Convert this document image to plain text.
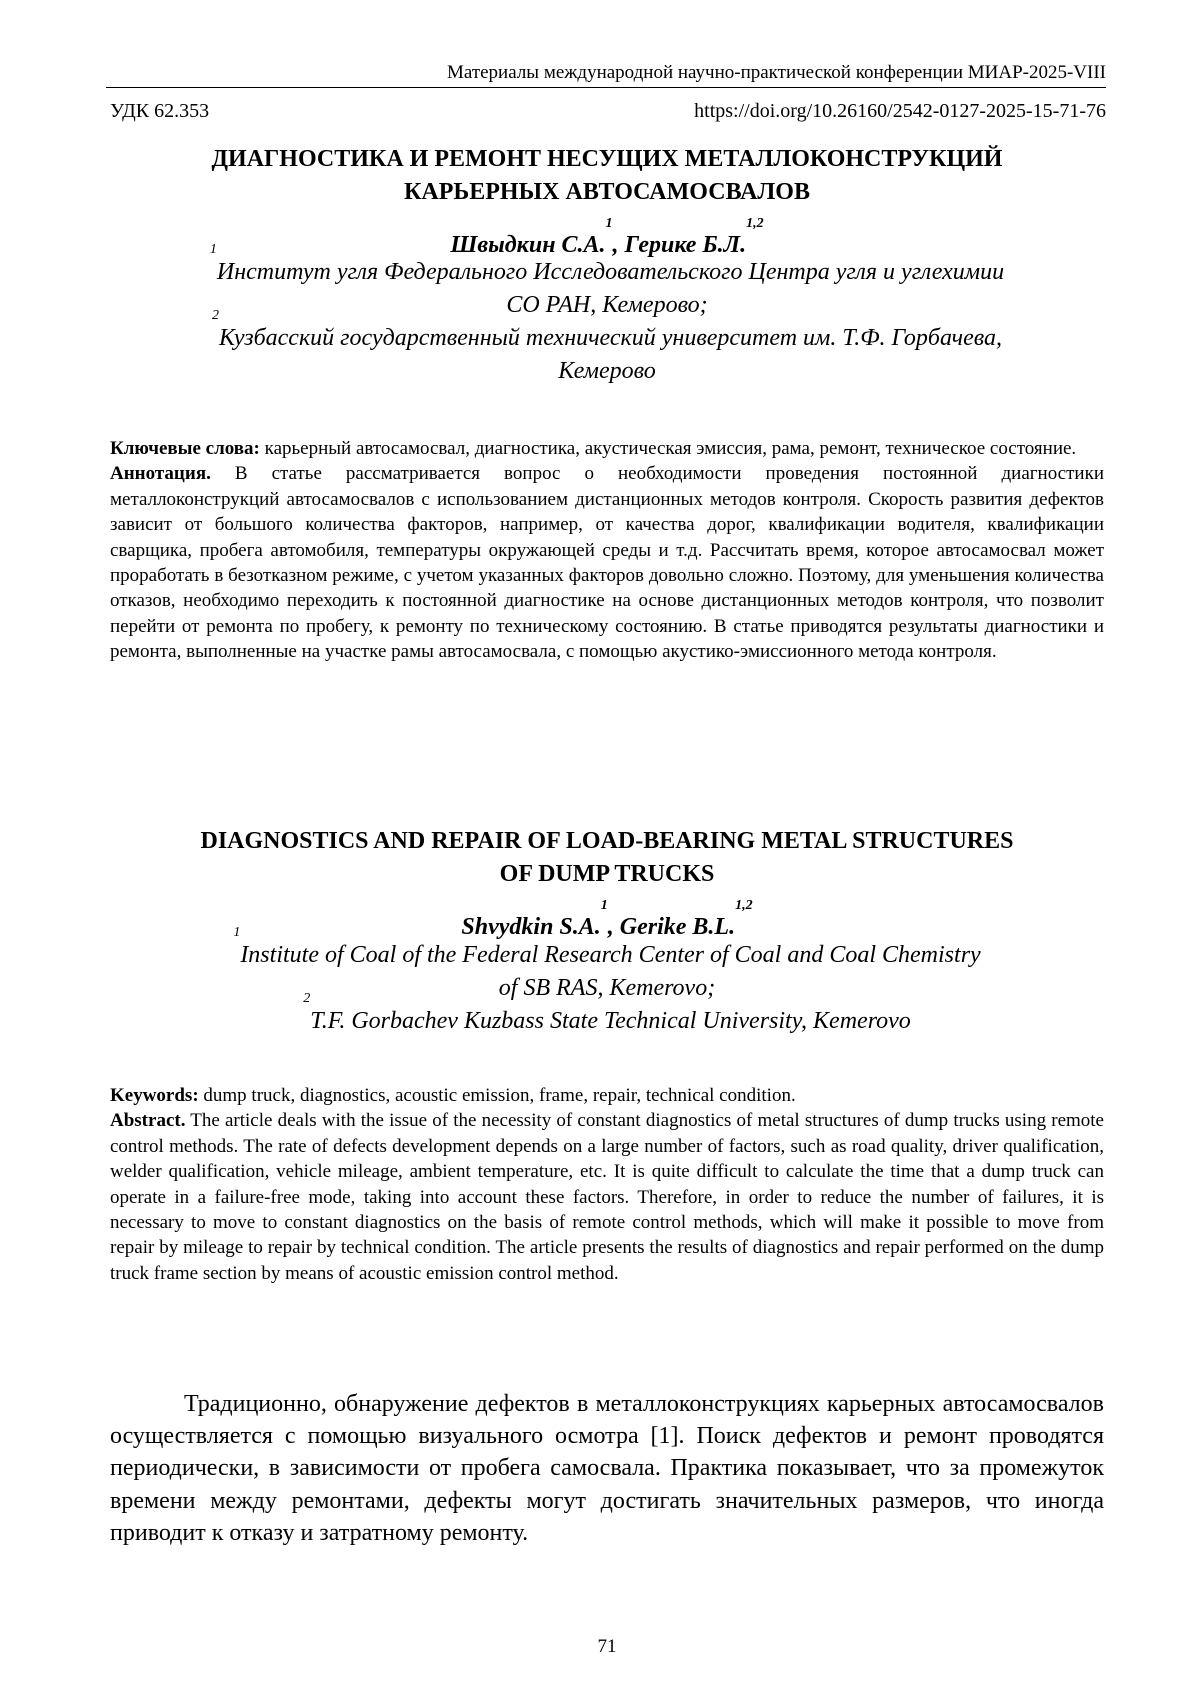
Материалы международной научно-практической конференции МИАР-2025-VIII
УДК 62.353	https://doi.org/10.26160/2542-0127-2025-15-71-76
ДИАГНОСТИКА И РЕМОНТ НЕСУЩИХ МЕТАЛЛОКОНСТРУКЦИЙ
КАРЬЕРНЫХ АВТОСАМОСВАЛОВ
Швыдкин С.А.$^1$, Герике Б.Л.$^{1,2}$
$^1$Институт угля Федерального Исследовательского Центра угля и углехимии
СО РАН, Кемерово;
$^2$Кузбасский государственный технический университет им. Т.Ф. Горбачева,
Кемерово

Ключевые слова: карьерный автосамосвал, диагностика, акустическая эмиссия, рама, ремонт, техническое состояние.

Аннотация. В статье рассматривается вопрос о необходимости проведения постоянной диагностики металлоконструкций автосамосвалов с использованием дистанционных методов контроля. Скорость развития дефектов зависит от большого количества факторов, например, от качества дорог, квалификации водителя, квалификации сварщика, пробега автомобиля, температуры окружающей среды и т.д. Рассчитать время, которое автосамосвал может проработать в безотказном режиме, с учетом указанных факторов довольно сложно. Поэтому, для уменьшения количества отказов, необходимо переходить к постоянной диагностике на основе дистанционных методов контроля, что позволит перейти от ремонта по пробегу, к ремонту по техническому состоянию. В статье приводятся результаты диагностики и ремонта, выполненные на участке рамы автосамосвала, с помощью акустико-эмиссионного метода контроля.

DIAGNOSTICS AND REPAIR OF LOAD-BEARING METAL STRUCTURES
OF DUMP TRUCKS
Shvydkin S.A.$^1$, Gerike B.L.$^{1,2}$
$^1$Institute of Coal of the Federal Research Center of Coal and Coal Chemistry
of SB RAS, Kemerovo;
$^2$T.F. Gorbachev Kuzbass State Technical University, Kemerovo

Keywords: dump truck, diagnostics, acoustic emission, frame, repair, technical condition.

Abstract. The article deals with the issue of the necessity of constant diagnostics of metal structures of dump trucks using remote control methods. The rate of defects development depends on a large number of factors, such as road quality, driver qualification, welder qualification, vehicle mileage, ambient temperature, etc. It is quite difficult to calculate the time that a dump truck can operate in a failure-free mode, taking into account these factors. Therefore, in order to reduce the number of failures, it is necessary to move to constant diagnostics on the basis of remote control methods, which will make it possible to move from repair by mileage to repair by technical condition. The article presents the results of diagnostics and repair performed on the dump truck frame section by means of acoustic emission control method.

Традиционно, обнаружение дефектов в металлоконструкциях карьерных автосамосвалов осуществляется с помощью визуального осмотра [1]. Поиск дефектов и ремонт проводятся периодически, в зависимости от пробега самосвала. Практика показывает, что за промежуток времени между ремонтами, дефекты могут достигать значительных размеров, что иногда приводит к отказу и затратному ремонту.

71
